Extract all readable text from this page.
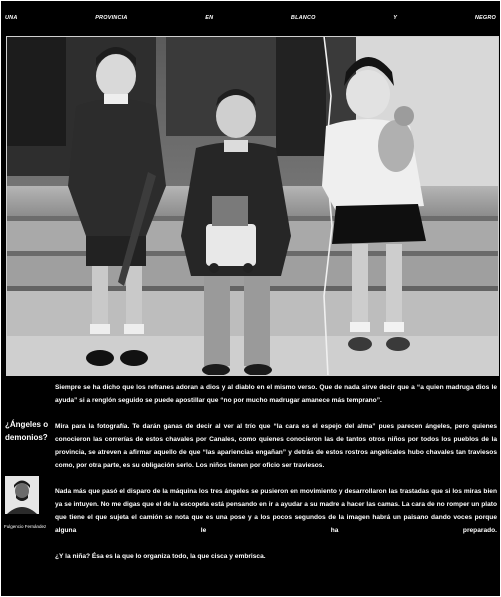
UNA	PROVINCIA	EN	BLANCO	Y	NEGRO
¿Ángeles o demonios?
Fulgencio Fernández

Siempre se ha dicho que los refranes adoran a dios y al diablo en el mismo verso. Que de nada sirve decir que a “a quien madruga dios le ayuda” si a renglón seguido se puede apostillar que “no por mucho madrugar amanece más temprano”.

Mira para la fotografía. Te darán ganas de decir al ver al trío que “la cara es el espejo del alma” pues parecen ángeles, pero quienes conocieron las correrías de estos chavales por Canales, como quienes conocieron las de tantos otros niños por todos los pueblos de la provincia, se atreven a afirmar aquello de que “las apariencias engañan” y detrás de estos rostros angelicales hubo chavales tan traviesos como, por otra parte, es su obligación serlo. Los niños tienen por oficio ser traviesos.

Nada más que pasó el disparo de la máquina los tres ángeles se pusieron en movimiento y desarrollaron las trastadas que si los miras bien ya se intuyen. No me digas que el de la escopeta está pensando en ir a ayudar a su madre a hacer las camas. La cara de no romper un plato que tiene el que sujeta el camión se nota que es una pose y a los pocos segundos de la imagen habrá un paisano dando voces porque alguna le ha preparado.

¿Y la niña? Ésa es la que lo organiza todo, la que cisca y embrisca.
